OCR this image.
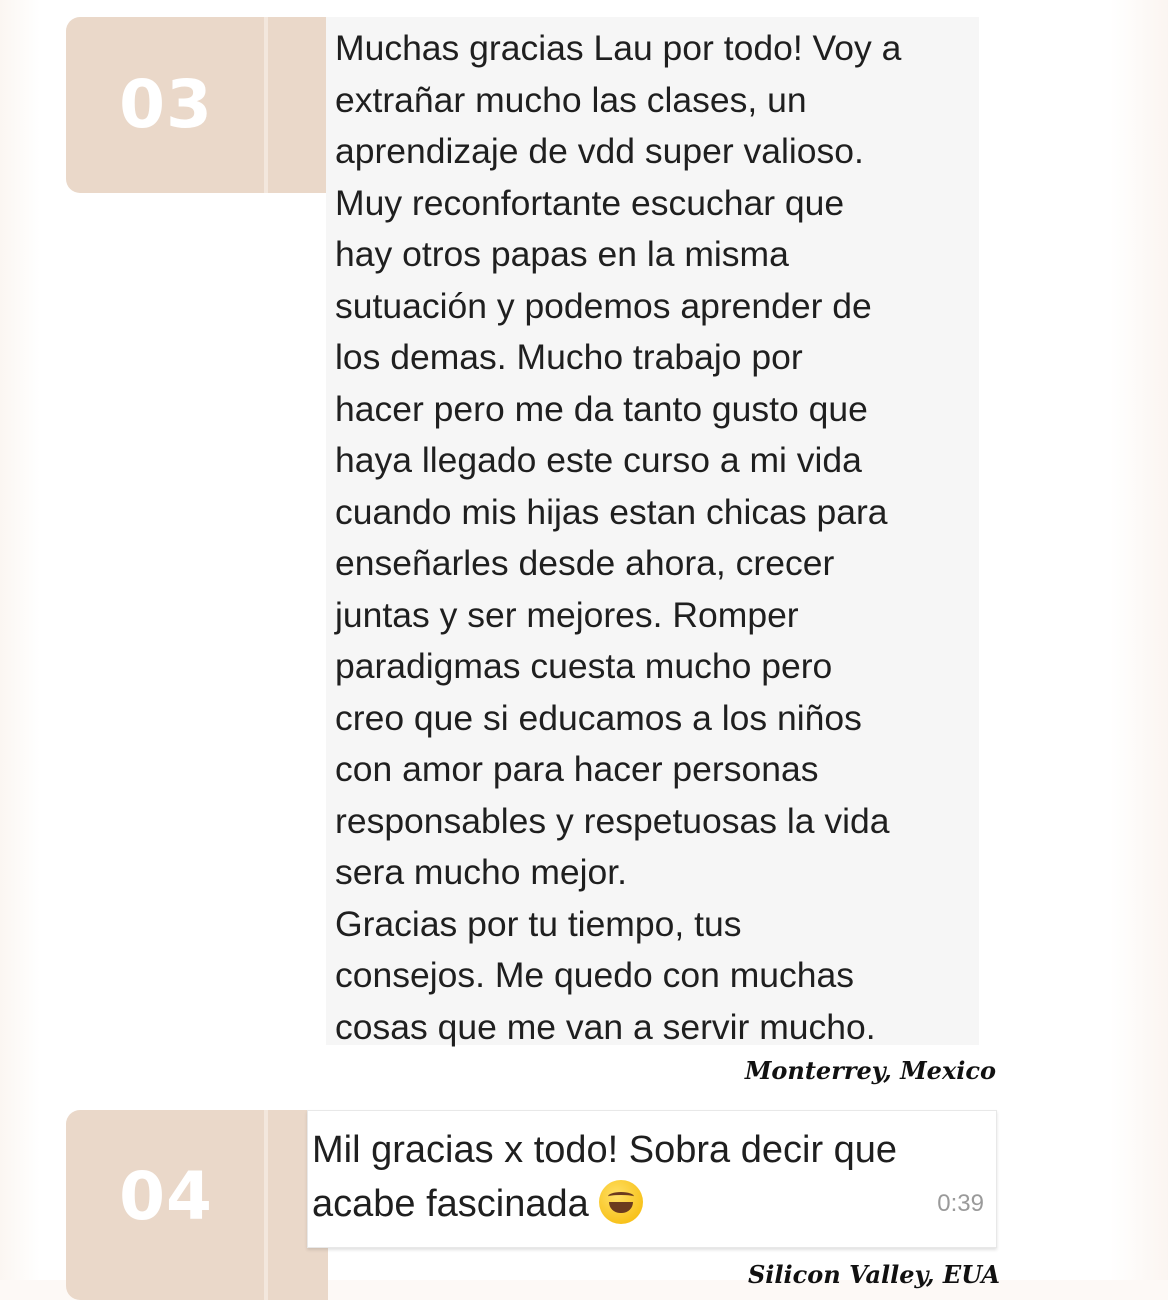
03
Muchas gracias Lau por todo! Voy a
extrañar mucho las clases, un
aprendizaje de vdd super valioso.
Muy reconfortante escuchar que
hay otros papas en la misma
sutuación y podemos aprender de
los demas. Mucho trabajo por
hacer pero me da tanto gusto que
haya llegado este curso a mi vida
cuando mis hijas estan chicas para
enseñarles desde ahora, crecer
juntas y ser mejores. Romper
paradigmas cuesta mucho pero
creo que si educamos a los niños
con amor para hacer personas
responsables y respetuosas la vida
sera mucho mejor.
Gracias por tu tiempo, tus
consejos. Me quedo con muchas
cosas que me van a servir mucho.
Monterrey, Mexico
04
Mil gracias x todo! Sobra decir que
acabe fascinada	0:39
Silicon Valley, EUA
